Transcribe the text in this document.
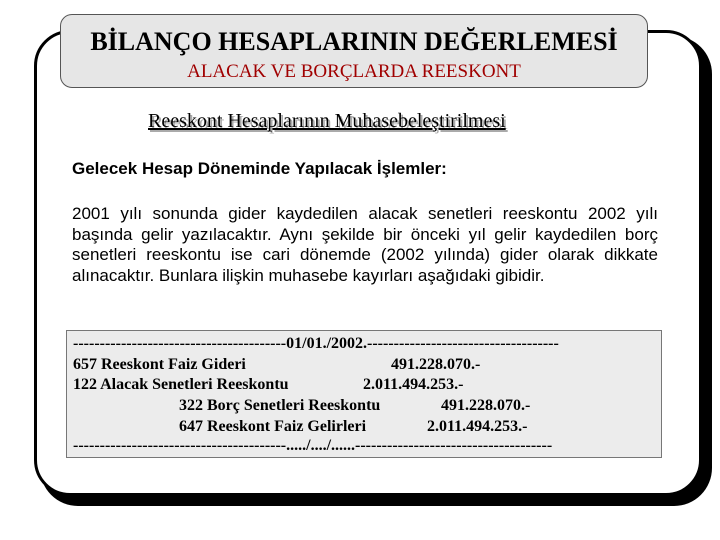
BİLANÇO HESAPLARININ DEĞERLEMESİ
ALACAK VE BORÇLARDA REESKONT
Reeskont Hesaplarının Muhasebeleştirilmesi
Gelecek Hesap Döneminde Yapılacak İşlemler:
2001 yılı sonunda gider kaydedilen alacak senetleri reeskontu 2002 yılı başında gelir yazılacaktır. Aynı şekilde bir önceki yıl gelir kaydedilen borç senetleri reeskontu ise cari dönemde (2002 yılında) gider olarak dikkate alınacaktır. Bunlara ilişkin muhasebe kayırları aşağıdaki gibidir.
----------------------------------------01/01./2002.------------------------------------
657 Reeskont Faiz Gideri	491.228.070.-
122 Alacak Senetleri Reeskontu	2.011.494.253.-
322 Borç Senetleri Reeskontu	491.228.070.-
647 Reeskont Faiz Gelirleri	2.011.494.253.-
----------------------------------------...../..../......-------------------------------------
